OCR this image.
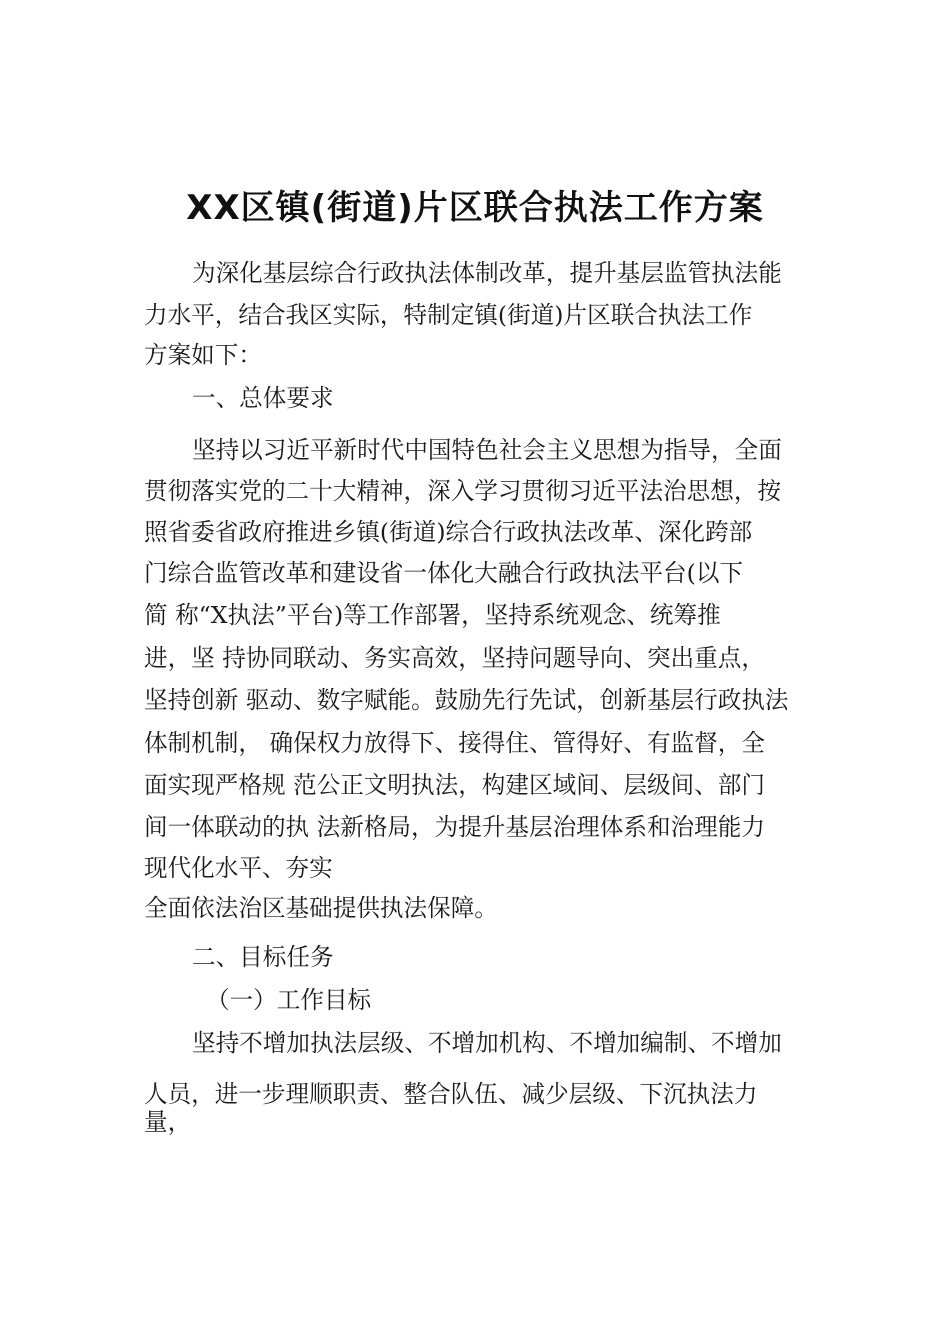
XX区镇(街道)片区联合执法工作方案
为深化基层综合行政执法体制改革，提升基层监管执法能
力水平，结合我区实际，特制定镇(街道)片区联合执法工作
方案如下：
一、总体要求
坚持以习近平新时代中国特色社会主义思想为指导，全面
贯彻落实党的二十大精神，深入学习贯彻习近平法治思想，按
照省委省政府推进乡镇(街道)综合行政执法改革、深化跨部
门综合监管改革和建设省一体化大融合行政执法平台(以下
简 称“X执法”平台)等工作部署，坚持系统观念、统筹推
进，坚 持协同联动、务实高效，坚持问题导向、突出重点，
坚持创新 驱动、数字赋能。鼓励先行先试，创新基层行政执法
体制机制， 确保权力放得下、接得住、管得好、有监督，全
面实现严格规 范公正文明执法，构建区域间、层级间、部门
间一体联动的执 法新格局，为提升基层治理体系和治理能力
现代化水平、夯实
全面依法治区基础提供执法保障。
二、目标任务
（一）工作目标
坚持不增加执法层级、不增加机构、不增加编制、不增加
人员，进一步理顺职责、整合队伍、减少层级、下沉执法力
量，
